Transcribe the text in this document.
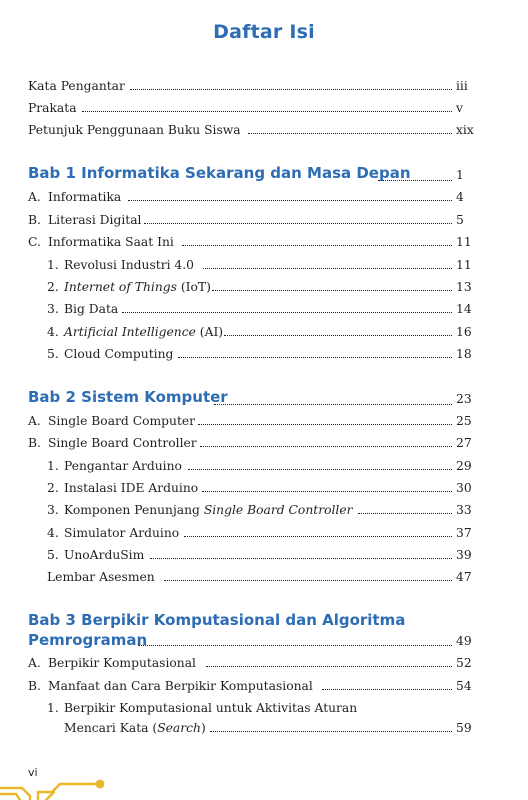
Daftar Isi
Kata Pengantar	iii
Prakata	v
Petunjuk Penggunaan Buku Siswa	xix
Bab 1 Informatika Sekarang dan Masa Depan	1
A. Informatika	4
B. Literasi Digital	5
C. Informatika Saat Ini	11
1. Revolusi Industri 4.0	11
2. Internet of Things (IoT)	13
3. Big Data	14
4. Artificial Intelligence (AI)	16
5. Cloud Computing	18
Bab 2 Sistem Komputer	23
A. Single Board Computer	25
B. Single Board Controller	27
1. Pengantar Arduino	29
2. Instalasi IDE Arduino	30
3. Komponen Penunjang Single Board Controller	33
4. Simulator Arduino	37
5. UnoArduSim	39
Lembar Asesmen	47
Bab 3 Berpikir Komputasional dan Algoritma
Pemrograman	49
A. Berpikir Komputasional	52
B. Manfaat dan Cara Berpikir Komputasional	54
1. Berpikir Komputasional untuk Aktivitas Aturan
Mencari Kata (Search)	59
vi
